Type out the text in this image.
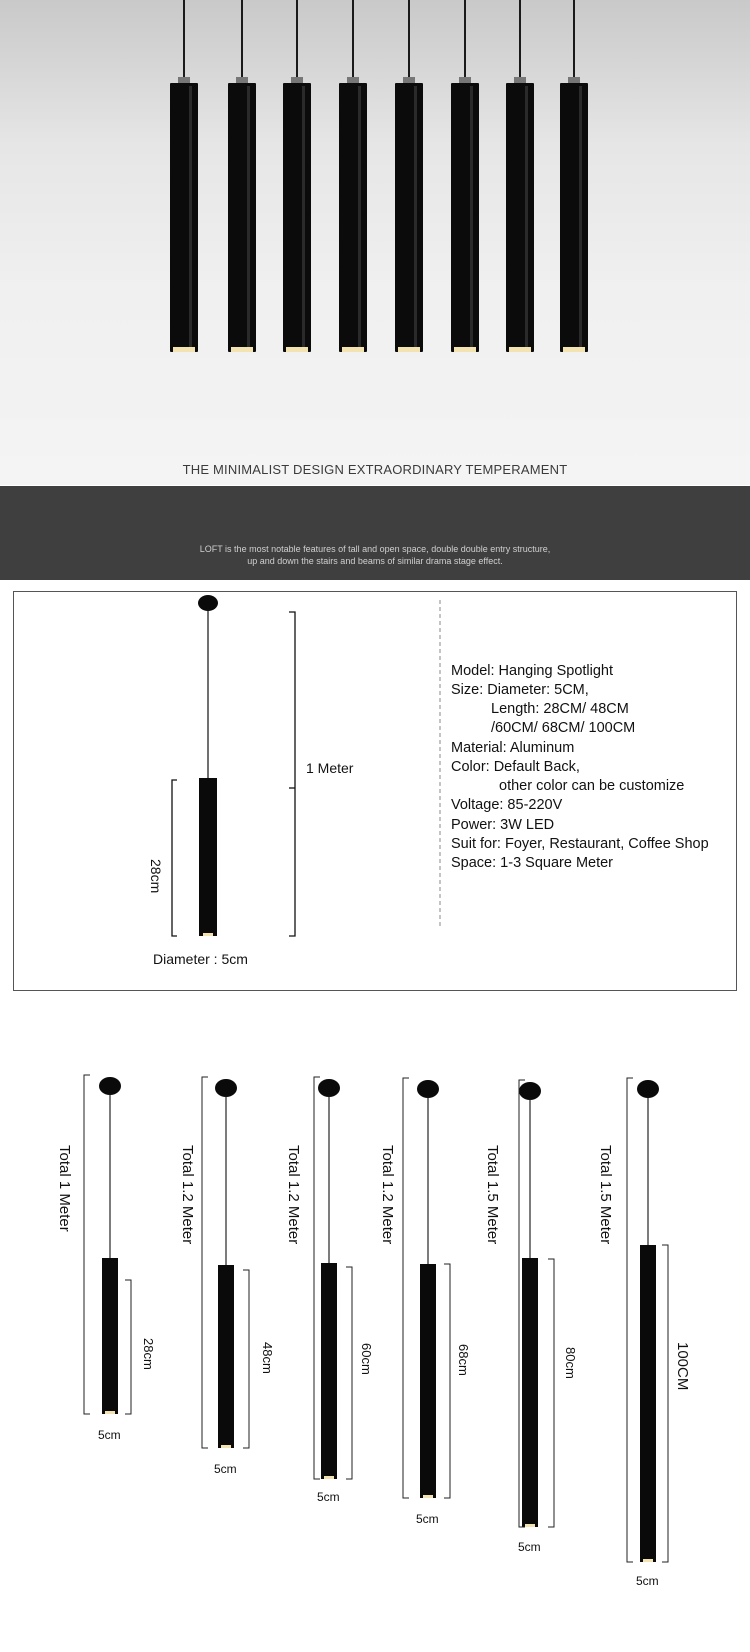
THE MINIMALIST DESIGN EXTRAORDINARY TEMPERAMENT
LOFT is the most notable features of tall and open space, double double entry structure,
up and down the stairs and beams of similar drama stage effect.
1 Meter
28cm
Diameter : 5cm
Model: Hanging Spotlight
Size: Diameter: 5CM,
Length: 28CM/ 48CM
/60CM/ 68CM/ 100CM
Material: Aluminum
Color: Default Back,
other color can be customize
Voltage: 85-220V
Power: 3W LED
Suit for: Foyer, Restaurant, Coffee Shop
Space: 1-3 Square Meter
Total 1 Meter
28cm
5cm
Total 1.2 Meter
48cm
5cm
Total 1.2 Meter
60cm
5cm
Total 1.2 Meter
68cm
5cm
Total 1.5 Meter
80cm
5cm
Total 1.5 Meter
100CM
5cm
